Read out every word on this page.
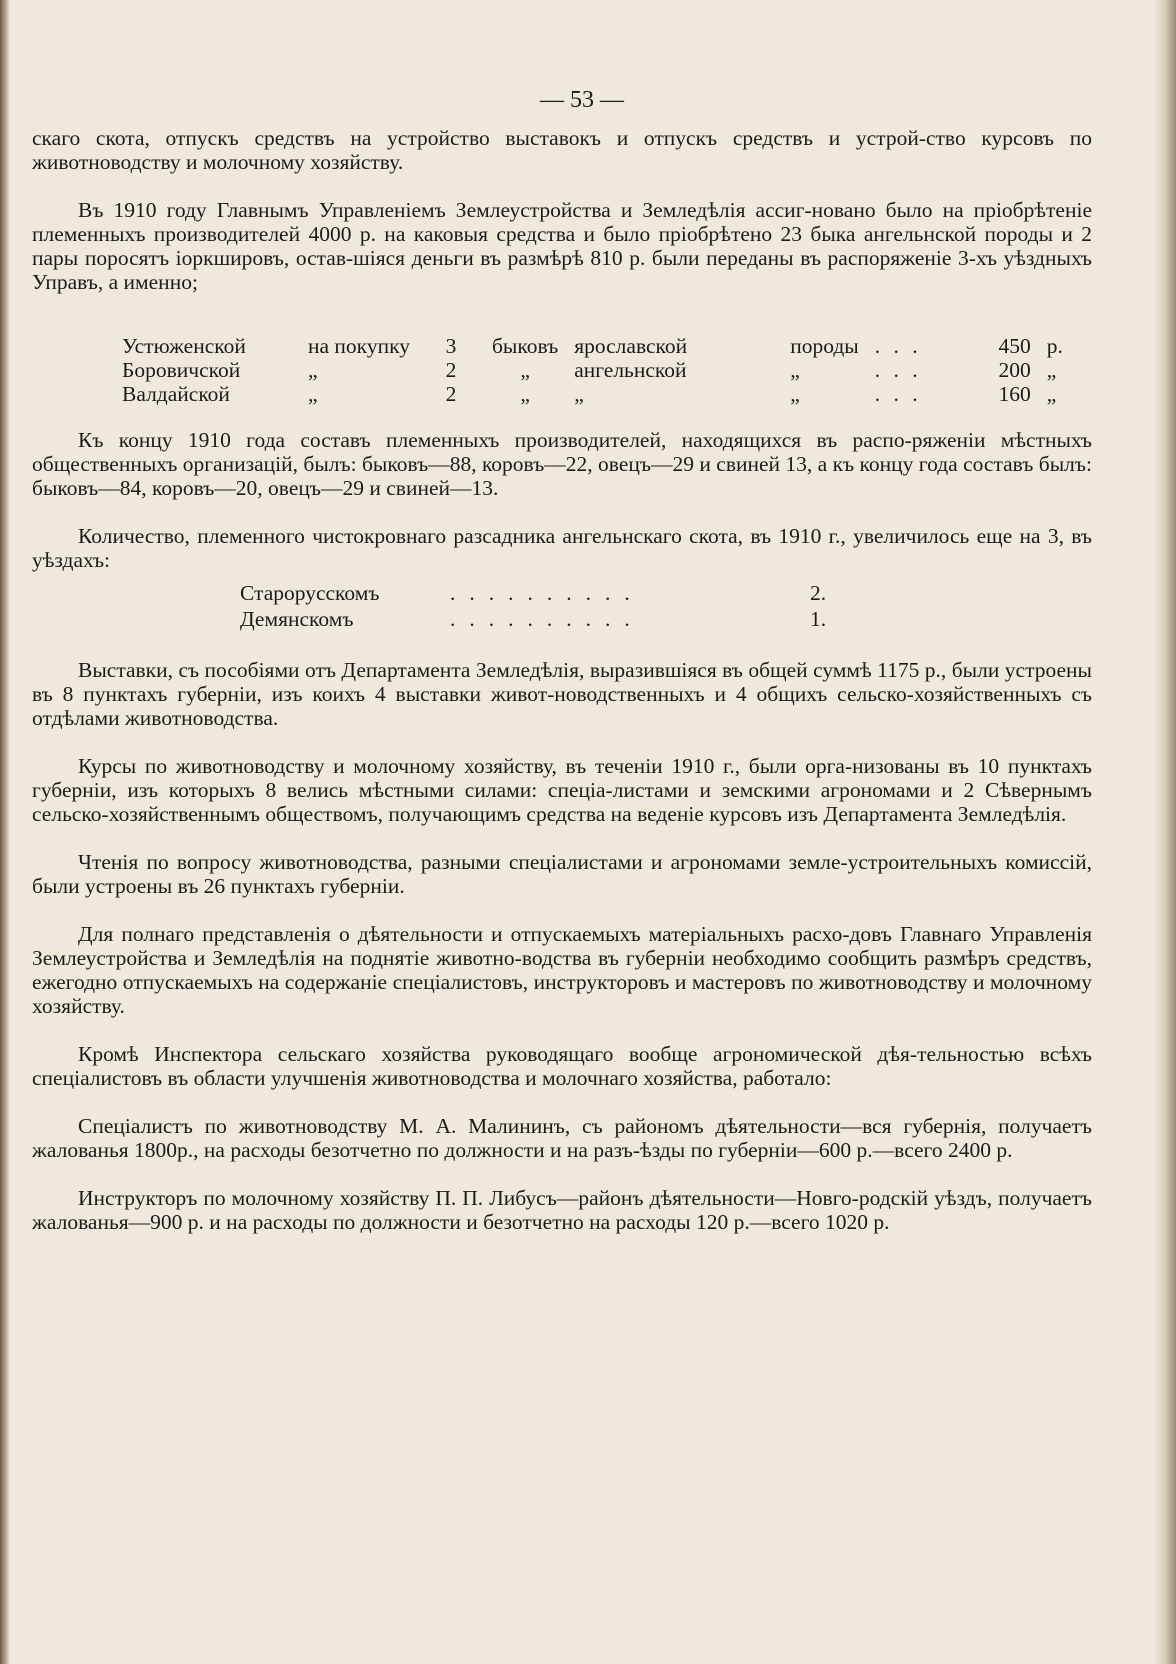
— 53 —

скаго скота, отпускъ средствъ на устройство выставокъ и отпускъ средствъ и устрой-ство курсовъ по животноводству и молочному хозяйству.

Въ 1910 году Главнымъ Управленіемъ Землеустройства и Земледѣлія ассиг-новано было на пріобрѣтеніе племенныхъ производителей 4000 р. на каковыя средства и было пріобрѣтено 23 быка ангельнской породы и 2 пары поросятъ іоркшировъ, остав-шіяся деньги въ размѣрѣ 810 р. были переданы въ распоряженіе 3-хъ уѣздныхъ Управъ, а именно;

Устюженской	на покупку	3	быковъ	ярославской	породы	. . .	450	р.
Боровичской	„	2	„	ангельнской	„	. . .	200	„
Валдайской	„	2	„	„	„	. . .	160	„

Къ концу 1910 года составъ племенныхъ производителей, находящихся въ распо-ряженіи мѣстныхъ общественныхъ организацій, былъ: быковъ—88, коровъ—22, овецъ—29 и свиней 13, а къ концу года составъ былъ: быковъ—84, коровъ—20, овецъ—29 и свиней—13.

Количество, племенного чистокровнаго разсадника ангельнскаго скота, въ 1910 г., увеличилось еще на 3, въ уѣздахъ:

Старорусскомъ	..........	2.
Демянскомъ	..........	1.

Выставки, съ пособіями отъ Департамента Земледѣлія, выразившіяся въ общей суммѣ 1175 р., были устроены въ 8 пунктахъ губерніи, изъ коихъ 4 выставки живот-новодственныхъ и 4 общихъ сельско-хозяйственныхъ съ отдѣлами животноводства.

Курсы по животноводству и молочному хозяйству, въ теченіи 1910 г., были орга-низованы въ 10 пунктахъ губерніи, изъ которыхъ 8 велись мѣстными силами: спеціа-листами и земскими агрономами и 2 Сѣвернымъ сельско-хозяйственнымъ обществомъ, получающимъ средства на веденіе курсовъ изъ Департамента Земледѣлія.

Чтенія по вопросу животноводства, разными спеціалистами и агрономами земле-устроительныхъ комиссій, были устроены въ 26 пунктахъ губерніи.

Для полнаго представленія о дѣятельности и отпускаемыхъ матеріальныхъ расхо-довъ Главнаго Управленія Землеустройства и Земледѣлія на поднятіе животно-водства въ губерніи необходимо сообщить размѣръ средствъ, ежегодно отпускаемыхъ на содержаніе спеціалистовъ, инструкторовъ и мастеровъ по животноводству и молочному хозяйству.

Кромѣ Инспектора сельскаго хозяйства руководящаго вообще агрономической дѣя-тельностью всѣхъ спеціалистовъ въ области улучшенія животноводства и молочнаго хозяйства, работало:

Спеціалистъ по животноводству М. А. Малининъ, съ райономъ дѣятельности—вся губернія, получаетъ жалованья 1800р., на расходы безотчетно по должности и на разъ-ѣзды по губерніи—600 р.—всего 2400 р.

Инструкторъ по молочному хозяйству П. П. Либусъ—районъ дѣятельности—Новго-родскій уѣздъ, получаетъ жалованья—900 р. и на расходы по должности и безотчетно на расходы 120 р.—всего 1020 р.
